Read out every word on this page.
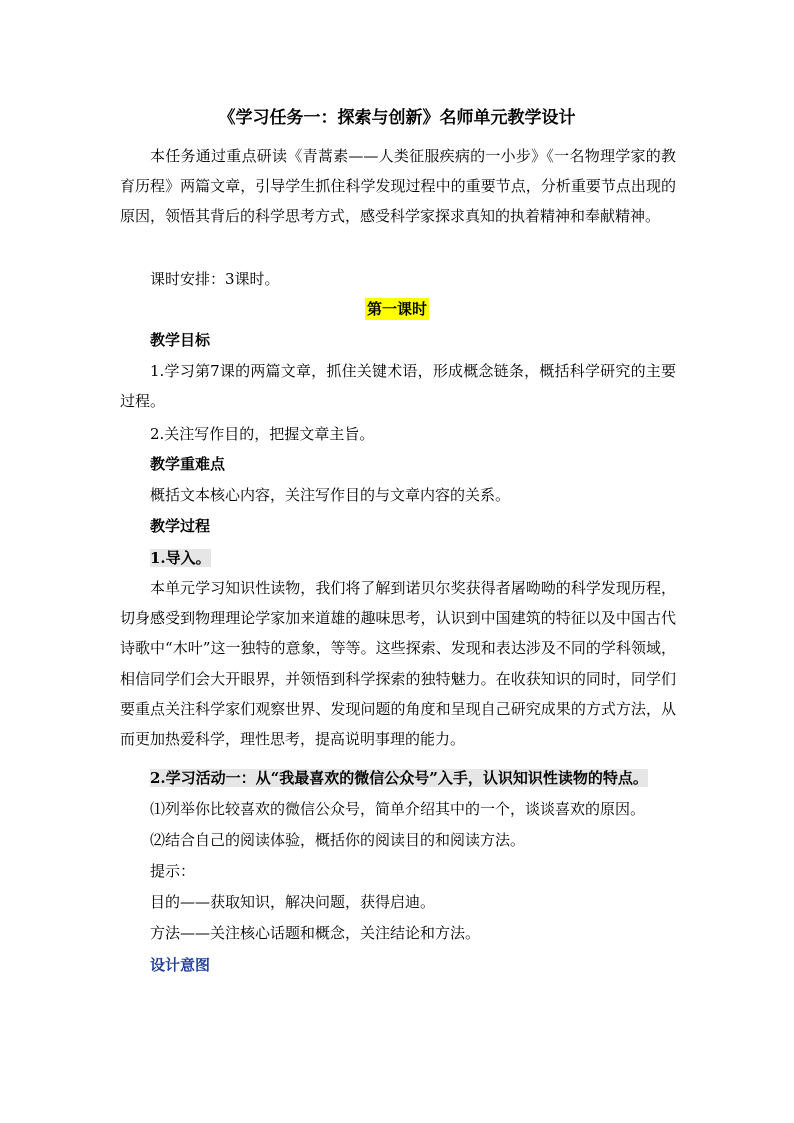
《学习任务一：探索与创新》名师单元教学设计
本任务通过重点研读《青蒿素——人类征服疾病的一小步》《一名物理学家的教育历程》两篇文章，引导学生抓住科学发现过程中的重要节点，分析重要节点出现的原因，领悟其背后的科学思考方式，感受科学家探求真知的执着精神和奉献精神。
课时安排：3课时。
第一课时
教学目标
1.学习第7课的两篇文章，抓住关键术语，形成概念链条，概括科学研究的主要过程。
2.关注写作目的，把握文章主旨。
教学重难点
概括文本核心内容，关注写作目的与文章内容的关系。
教学过程
1.导入。
本单元学习知识性读物，我们将了解到诺贝尔奖获得者屠呦呦的科学发现历程，切身感受到物理理论学家加来道雄的趣味思考，认识到中国建筑的特征以及中国古代诗歌中“木叶”这一独特的意象，等等。这些探索、发现和表达涉及不同的学科领域，相信同学们会大开眼界，并领悟到科学探索的独特魅力。在收获知识的同时，同学们要重点关注科学家们观察世界、发现问题的角度和呈现自己研究成果的方式方法，从而更加热爱科学，理性思考，提高说明事理的能力。
2.学习活动一：从“我最喜欢的微信公众号”入手，认识知识性读物的特点。
⑴列举你比较喜欢的微信公众号，简单介绍其中的一个，谈谈喜欢的原因。
⑵结合自己的阅读体验，概括你的阅读目的和阅读方法。
提示：
目的——获取知识，解决问题，获得启迪。
方法——关注核心话题和概念，关注结论和方法。
设计意图
